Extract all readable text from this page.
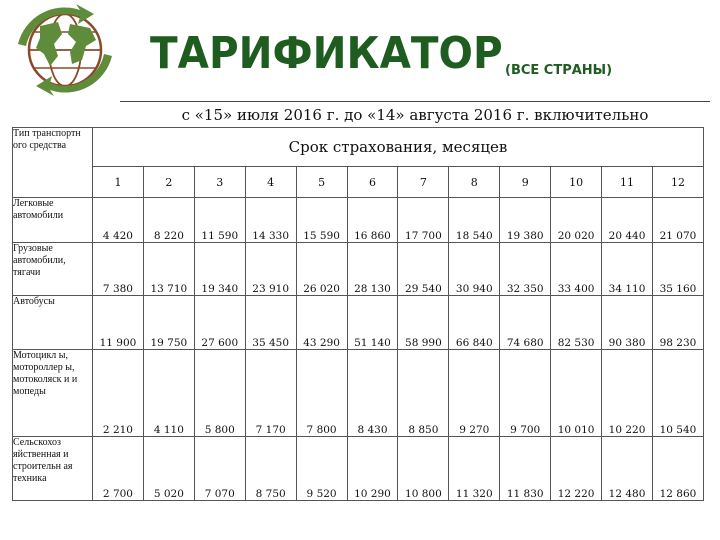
ТАРИФИКАТОР (ВСЕ СТРАНЫ)
с «15» июля 2016 г. до «14» августа 2016 г. включительно
Тип транспортн ого средства	Срок страхования, месяцев											
	1	2	3	4	5	6	7	8	9	10	11	12
Легковые автомобили	4 420	8 220	11 590	14 330	15 590	16 860	17 700	18 540	19 380	20 020	20 440	21 070
Грузовые автомобили, тягачи	7 380	13 710	19 340	23 910	26 020	28 130	29 540	30 940	32 350	33 400	34 110	35 160
Автобусы	11 900	19 750	27 600	35 450	43 290	51 140	58 990	66 840	74 680	82 530	90 380	98 230
Мотоцикл ы, мотороллер ы, мотоколяск и и мопеды	2 210	4 110	5 800	7 170	7 800	8 430	8 850	9 270	9 700	10 010	10 220	10 540
Сельскохоз яйственная и строительн ая техника	2 700	5 020	7 070	8 750	9 520	10 290	10 800	11 320	11 830	12 220	12 480	12 860
